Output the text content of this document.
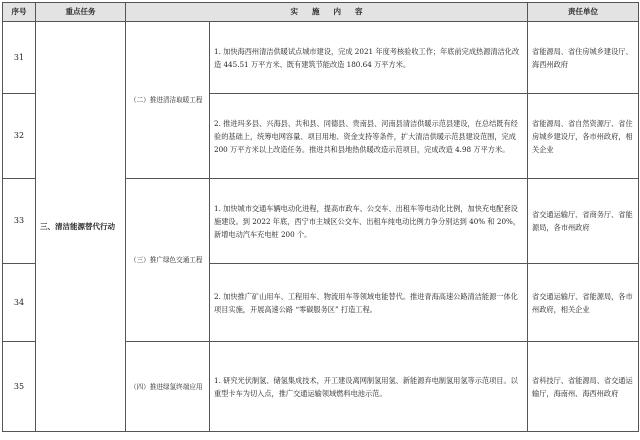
序号	重点任务	实施内容		责任单位
31	三、清洁能源替代行动	（二）推进清洁取暖工程	1. 加快海西州清洁供暖试点城市建设，完成 2021 年度考核验收工作；年底前完成热源清洁化改造 445.51 万平方米、既有建筑节能改造 180.64 万平方米。	省能源局、省住房城乡建设厅、海西州政府
32			2. 推进玛多县、兴海县、共和县、同德县、贵南县、河南县清洁供暖示范县建设，在总结既有经验的基础上，统筹电网容量、项目用地、资金支持等条件，扩大清洁供暖示范县建设范围，完成 200 万平方米以上改造任务。推进共和县地热供暖改造示范项目，完成改造 4.98 万平方米。	省能源局、省自然资源厅、省住房城乡建设厅，各市州政府，相关企业
33		（三）推广绿色交通工程	1. 加快城市交通车辆电动化进程，提高市政车、公交车、出租车等电动化比例，加快充电配套设施建设。到 2022 年底，西宁市主城区公交车、出租车纯电动比例力争分别达到 40% 和 20%，新增电动汽车充电桩 200 个。	省交通运输厅、省商务厅、省能源局，各市州政府
34			2. 加快推广矿山用车、工程用车、物流用车等领域电能替代。推进青海高速公路清洁能源一体化项目实施，开展高速公路 “零碳服务区” 打造工程。	省交通运输厅、省能源局，各市州政府，相关企业
35		（四）推进绿氢终端应用	1. 研究光伏制氢、储氢集成技术，开工建设离网制氢用氢、新能源弃电制氢用氢等示范项目。以重型卡车为切入点，推广交通运输领域燃料电池示范。	省科技厅、省能源局、省交通运输厅，海南州、海西州政府
